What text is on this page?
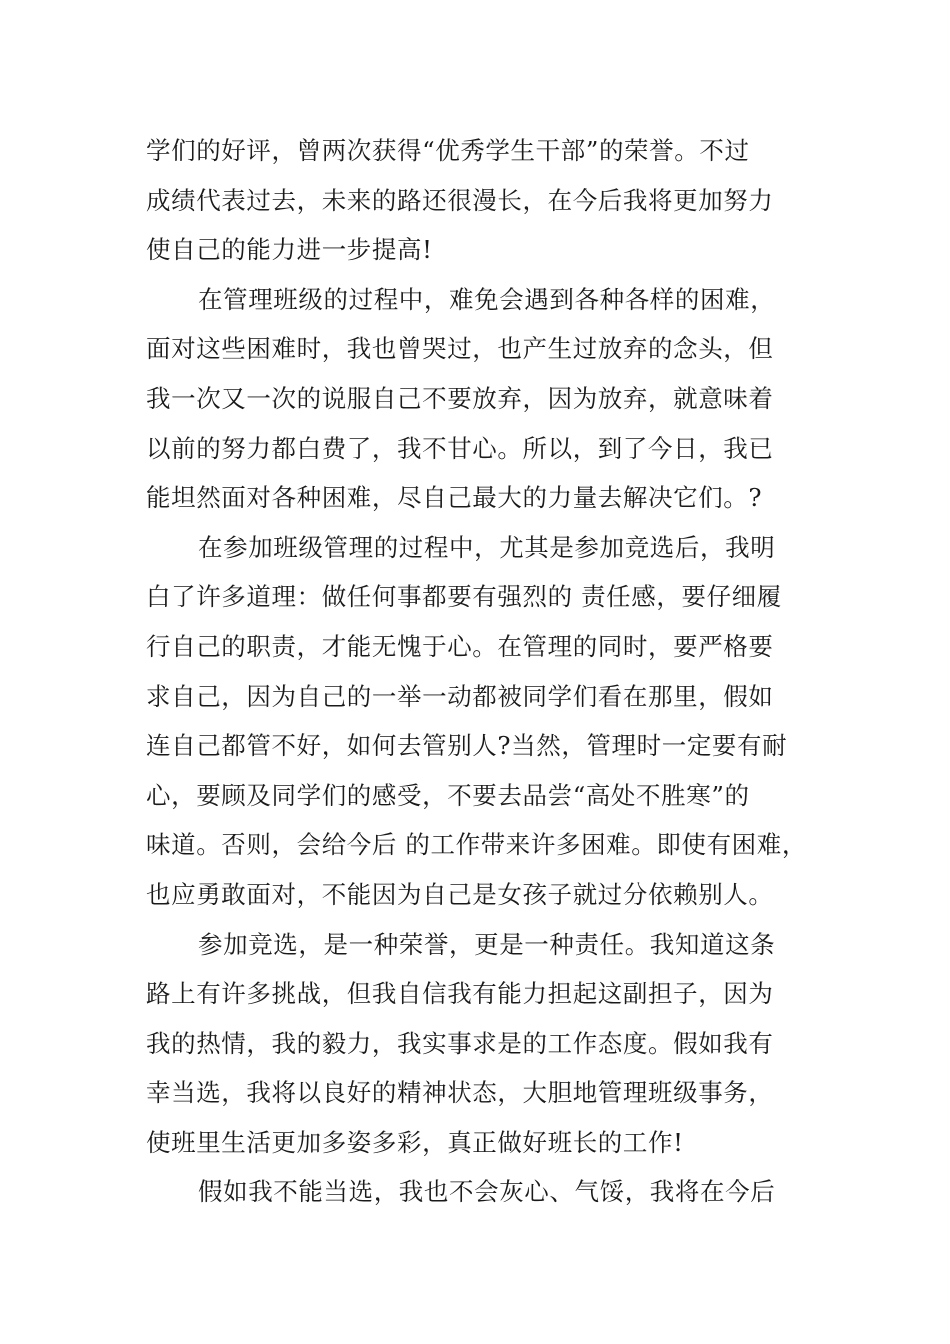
学们的好评，曾两次获得“优秀学生干部”的荣誉。不过
成绩代表过去，未来的路还很漫长，在今后我将更加努力
使自己的能力进一步提高!
在管理班级的过程中，难免会遇到各种各样的困难，
面对这些困难时，我也曾哭过，也产生过放弃的念头，但
我一次又一次的说服自己不要放弃，因为放弃，就意味着
以前的努力都白费了，我不甘心。所以，到了今日，我已
能坦然面对各种困难，尽自己最大的力量去解决它们。?
在参加班级管理的过程中，尤其是参加竞选后，我明
白了许多道理：做任何事都要有强烈的 责任感，要仔细履
行自己的职责，才能无愧于心。在管理的同时，要严格要
求自己，因为自己的一举一动都被同学们看在那里，假如
连自己都管不好，如何去管别人?当然，管理时一定要有耐
心，要顾及同学们的感受，不要去品尝“高处不胜寒”的
味道。否则，会给今后 的工作带来许多困难。即使有困难，
也应勇敢面对，不能因为自己是女孩子就过分依赖别人。
参加竞选，是一种荣誉，更是一种责任。我知道这条
路上有许多挑战，但我自信我有能力担起这副担子，因为
我的热情，我的毅力，我实事求是的工作态度。假如我有
幸当选，我将以良好的精神状态，大胆地管理班级事务，
使班里生活更加多姿多彩，真正做好班长的工作!
假如我不能当选，我也不会灰心、气馁，我将在今后
